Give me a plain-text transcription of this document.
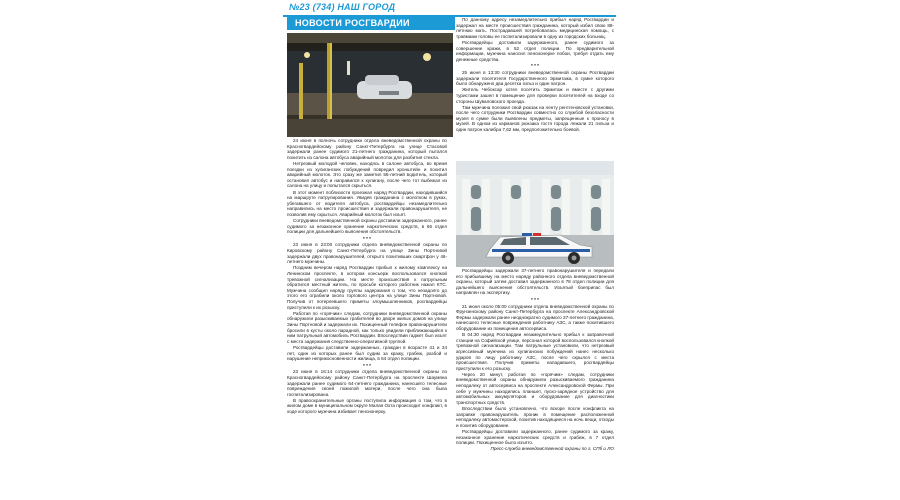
№23 (734) НАШ ГОРОД
НОВОСТИ РОСГВАРДИИ

24 июня в полночь сотрудники отдела вневедомственной охраны по Красногвардейскому району Санкт-Петербурга на улице Стасовой задержали ранее судимого 21-летнего гражданина, который пытался похитить из салона автобуса аварийный молоток для разбития стекла.

Нетрезвый молодой человек, находясь в салоне автобуса, во время поездки из хулиганских побуждений повредил кронштейн и похитил аварийный молоток. Это сразу же заметил 56-летний водитель, который остановил автобус и направился к хулигану, после чего тот выбежал из салона на улицу и попытался скрыться.

В этот момент поблизости проезжал наряд Росгвардии, находившийся на маршруте патрулирования. Увидев гражданина с молотком в руках, убегавшего от водителя автобуса, росгвардейцы незамедлительно направились на место происшествия и задержали правонарушителя, не позволив ему скрыться. Аварийный молоток был изъят.

Сотрудники вневедомственной охраны доставили задержанного, ранее судимого за незаконное хранение наркотических средств, в 66 отдел полиции для дальнейшего выяснения обстоятельств.

* * *

23 июня в 23:00 сотрудники отдела вневедомственной охраны по Кировскому району Санкт-Петербурга на улице Зины Портновой задержали двух правонарушителей, открыто похитивших смартфон у 46-летнего мужчины.

Поздним вечером наряд Росгвардии прибыл к жилому комплексу на Ленинском проспекте, в котором консьерж воспользовался кнопкой тревожной сигнализации. На месте происшествия к патрульным обратился местный житель, по просьбе которого работник нажал КТС. Мужчина сообщил наряду группы задержания о том, что незадолго до этого его ограбили около торгового центра на улице Зины Портновой. Получив от потерпевшего приметы злоумышленников, росгвардейцы приступили к их розыску.

Работая по «горячим» следам, сотрудники вневедомственной охраны обнаружили разыскиваемых грабителей во дворе жилых домов на улице Зины Портновой и задержали их. Похищенный телефон правонарушители бросили в кусты около парадной, как только увидели приближающийся к ним патрульный автомобиль Росгвардии. Впоследствии гаджет был изъят с места задержания следственно-оперативной группой.

Росгвардейцы доставили задержанных, граждан в возрасте 41 и 34 лет, один из которых ранее был судим за кражу, грабеж, разбой и нарушение неприкосновенности жилища, в 64 отдел полиции.

* * *

23 июня в 16:14 сотрудники отдела вневедомственной охраны по Красногвардейскому району Санкт-Петербурга на проспекте Шаумяна задержали ранее судимого 64-летнего гражданина, нанесшего телесные повреждения своей пожилой матери, после чего она была госпитализирована.

В правоохранительные органы поступила информация о том, что в жилом доме в муниципальном округе Малая Охта происходит конфликт, в ходе которого мужчина избивает пенсионерку.

По данному адресу незамедлительно прибыл наряд Росгвардии и задержал на месте происшествия гражданина, который избил свою 88-летнюю мать. Пострадавшей потребовалась медицинская помощь, с травмами головы ее госпитализировали в одну из городских больниц.

Росгвардейцы доставили задержанного, ранее судимого за совершение кражи, в 52 отдел полиции. По предварительной информации, мужчина наносил пенсионерке побои, требуя отдать ему денежные средства.

* * *

25 июня в 13:30 сотрудники вневедомственной охраны Росгвардии задержали посетителя Государственного Эрмитажа, в сумке которого было обнаружено два десятка гильз и один патрон.

Житель Чебоксар хотел посетить Эрмитаж и вместе с другими туристами зашел в помещение для проверки посетителей на входе со стороны Шуваловского проезда.

Там мужчина положил свой рюкзак на ленту рентгеновской установки, после чего сотрудники Росгвардии совместно со службой безопасности музея в сумке были выявлены предметы, запрещенные к проносу в музей. В одном из карманов рюкзака гостя города лежали 21 гильза и один патрон калибра 7,62 мм, предположительно боевой.

Росгвардейцы задержали 37-летнего правонарушителя и передали его прибывшему на место наряду районного отдела вневедомственной охраны, который затем доставил задержанного в 78 отдел полиции для дальнейшего выяснения обстоятельств. Изъятый боеприпас был направлен на экспертизу.

* * *

21 июня около 05:00 сотрудники отдела вневедомственной охраны по Фрунзенскому району Санкт-Петербурга на проспекте Александровской Фермы задержали ранее неоднократно судимого 37-летнего гражданина, нанесшего телесные повреждения работнику АЗС, а также похитившего оборудование из помещения автосервиса.

В 04:30 наряд Росгвардии незамедлительно прибыл к заправочной станции на Софийской улице, персонал которой воспользовался кнопкой тревожной сигнализации. Там патрульные установили, что нетрезвый агрессивный мужчина из хулиганских побуждений нанес несколько ударов по лицу работнику АЗС, после чего скрылся с места происшествия. Получив приметы нападавшего, росгвардейцы приступили к его розыску.

Через 20 минут, работая по «горячим» следам, сотрудники вневедомственной охраны обнаружили разыскиваемого гражданина неподалеку от автосервиса на проспекте Александровской Фермы. При себе у мужчины находились планшет, пуско-зарядное устройство для автомобильных аккумуляторов и оборудование для диагностики транспортных средств.

Впоследствии было установлено, что вскоре после конфликта на заправке правонарушитель проник в помещение расположенной неподалеку автомастерской, похитив находящиеся на ночь вещи, отходы и похитив оборудование.

Росгвардейцы доставили задержанного, ранее судимого за кражу, незаконное хранение наркотических средств и грабеж, в 7 отдел полиции. Похищенное было изъято.

Пресс-служба вневедомственной охраны по г. СПб и ЛО
